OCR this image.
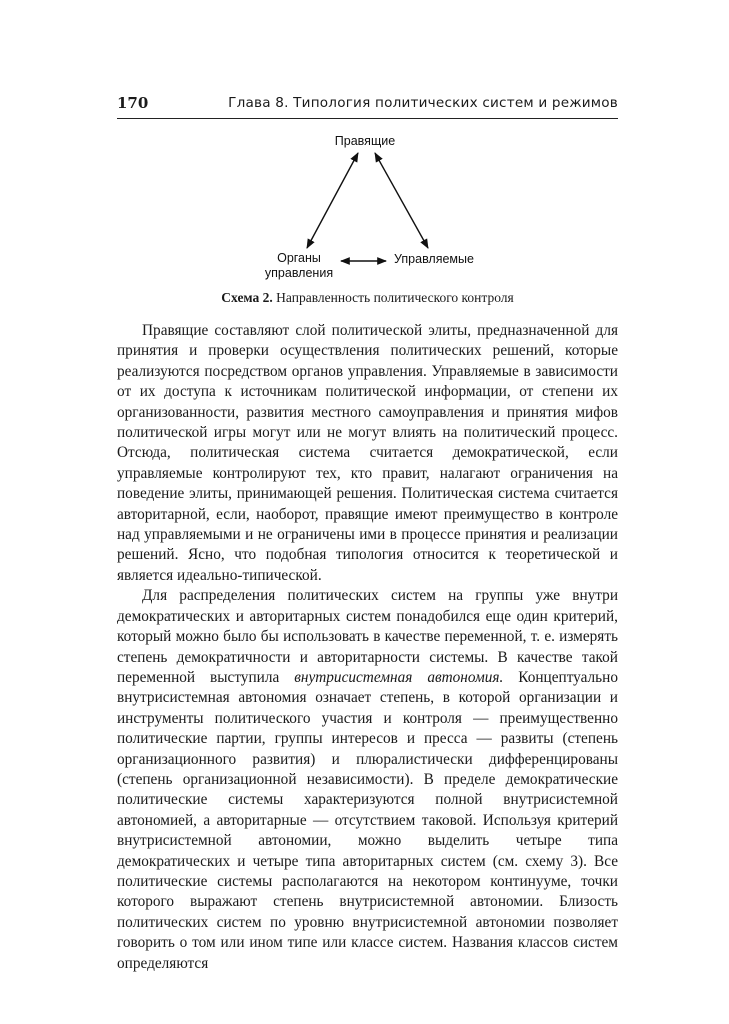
170	Глава 8. Типология политических систем и режимов
Правящие
Органы
управления
Управляемые
Схема 2. Направленность политического контроля

Правящие составляют слой политической элиты, предназначенной для принятия и проверки осуществления политических решений, которые реализуются посредством органов управления. Управляемые в зависимости от их доступа к источникам политической информации, от степени их организованности, развития местного самоуправления и принятия мифов политической игры могут или не могут влиять на политический процесс. Отсюда, политическая система считается демократической, если управляемые контролируют тех, кто правит, налагают ограничения на поведение элиты, принимающей решения. Политическая система считается авторитарной, если, наоборот, правящие имеют преимущество в контроле над управляемыми и не ограничены ими в процессе принятия и реализации решений. Ясно, что подобная типология относится к теоретической и является идеально-типической.

Для распределения политических систем на группы уже внутри демократических и авторитарных систем понадобился еще один критерий, который можно было бы использовать в качестве переменной, т. е. измерять степень демократичности и авторитарности системы. В качестве такой переменной выступила внутрисистемная автономия. Концептуально внутрисистемная автономия означает степень, в которой организации и инструменты политического участия и контроля — преимущественно политические партии, группы интересов и пресса — развиты (степень организационного развития) и плюралистически дифференцированы (степень организационной независимости). В пределе демократические политические системы характеризуются полной внутрисистемной автономией, а авторитарные — отсутствием таковой. Используя критерий внутрисистемной автономии, можно выделить четыре типа демократических и четыре типа авторитарных систем (см. схему 3). Все политические системы располагаются на некотором континууме, точки которого выражают степень внутрисистемной автономии. Близость политических систем по уровню внутрисистемной автономии позволяет говорить о том или ином типе или классе систем. Названия классов систем определяются
